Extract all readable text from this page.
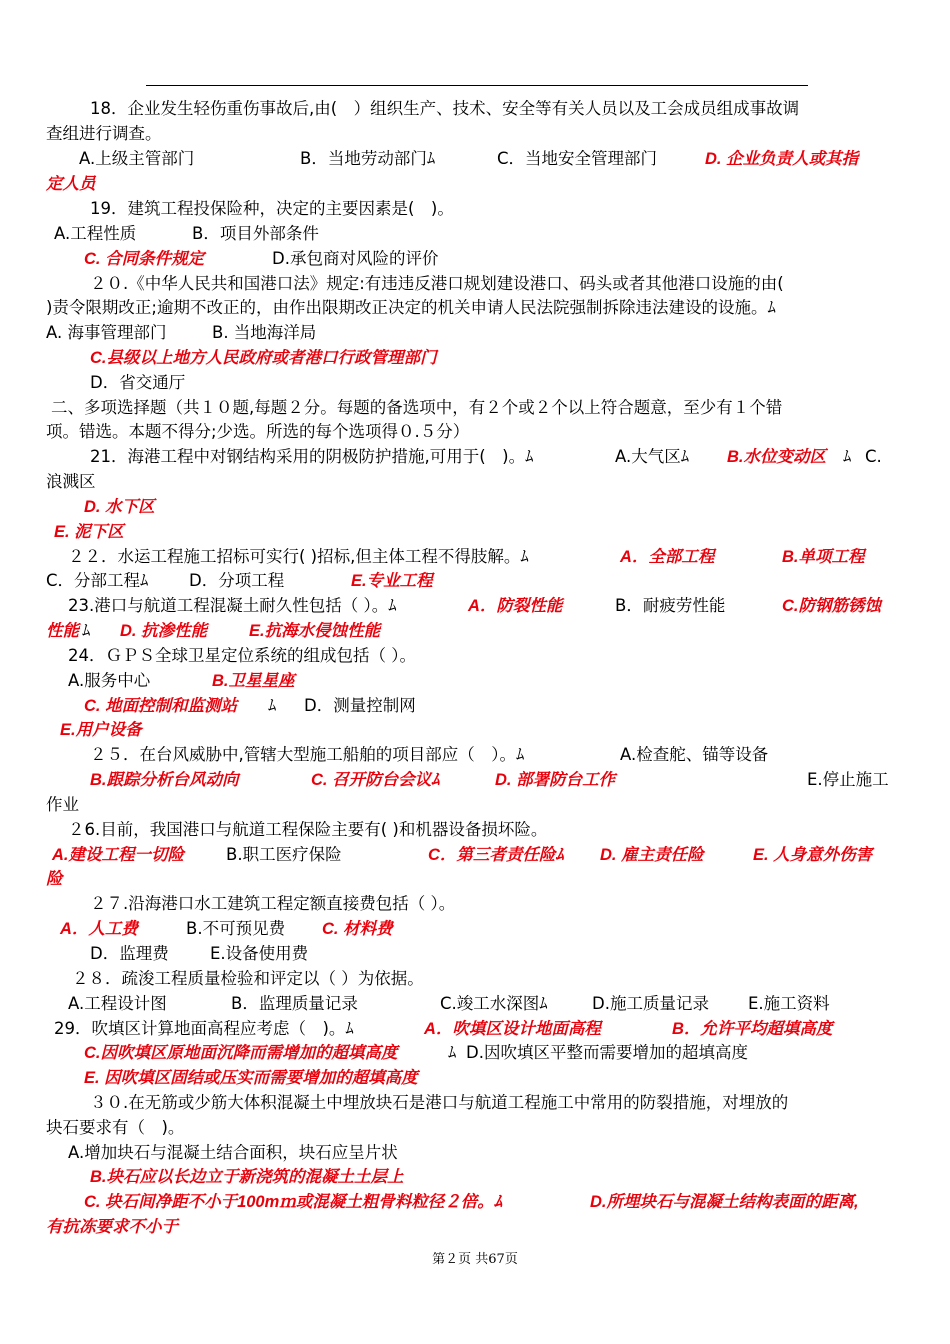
18．企业发生轻伤重伤事故后,由(　）组织生产、技术、安全等有关人员以及工会成员组成事故调
查组进行调查。
A.上级主管部门	B．当地劳动部门ﾑ	C．当地安全管理部门	D. 企业负责人或其指
定人员
19．建筑工程投保险种，决定的主要因素是(　)。
A.工程性质	B．项目外部条件
C. 合同条件规定	D.承包商对风险的评价
２０.《中华人民共和国港口法》规定:有违违反港口规划建设港口、码头或者其他港口设施的由(
)责令限期改正;逾期不改正的，由作出限期改正决定的机关申请人民法院强制拆除违法建设的设施。ﾑ
A. 海事管理部门	B. 当地海洋局
C.县级以上地方人民政府或者港口行政管理部门
D．省交通厅
二、多项选择题（共１０题,每题２分。每题的备选项中，有２个或２个以上符合题意，至少有１个错
项。错选。本题不得分;少选。所选的每个选项得０.５分）
21．海港工程中对钢结构采用的阴极防护措施,可用于(　)。ﾑ	A.大气区ﾑ B.水位变动区 ﾑ C.
浪溅区
D. 水下区
E. 泥下区
２２．水运工程施工招标可实行( )招标,但主体工程不得肢解。ﾑ	A．全部工程	B.单项工程
C．分部工程ﾑ D．分项工程	E.专业工程
23.港口与航道工程混凝土耐久性包括（ ）。ﾑ	A．防裂性能	B．耐疲劳性能	C.防钢筋锈蚀
性能 ﾑ D. 抗渗性能	E.抗海水侵蚀性能
24．ＧＰＳ全球卫星定位系统的组成包括（ ）。
A.服务中心	B.卫星星座
C. 地面控制和监测站 ﾑ D．测量控制网
E.用户设备
２５．在台风威胁中,管辖大型施工船舶的项目部应（　）。ﾑ	A.检查舵、锚等设备
B.跟踪分析台风动向	C. 召开防台会议ﾑ	D. 部署防台工作	E.停止施工
作业
２6.目前，我国港口与航道工程保险主要有( )和机器设备损坏险。
A.建设工程一切险	B.职工医疗保险	C．第三者责任险ﾑ D. 雇主责任险	E. 人身意外伤害
险
２７.沿海港口水工建筑工程定额直接费包括（ ）。
A．人工费	B.不可预见费 C. 材料费
D．监理费	E.设备使用费
２８．疏浚工程质量检验和评定以（ ）为依据。
A.工程设计图	B．监理质量记录	C.竣工水深图ﾑ	D.施工质量记录 E.施工资料
29．吹填区计算地面高程应考虑（　)。ﾑ	A．吹填区设计地面高程	B．允许平均超填高度
C.因吹填区原地面沉降而需增加的超填高度	ﾑ D.因吹填区平整而需要增加的超填高度
E. 因吹填区固结或压实而需要增加的超填高度
３０.在无筋或少筋大体积混凝土中埋放块石是港口与航道工程施工中常用的防裂措施，对埋放的
块石要求有（　)。
A.增加块石与混凝土结合面积，块石应呈片状
B.块石应以长边立于新浇筑的混凝土土层上
C. 块石间净距不小于100mｍ或混凝土粗骨料粒径２倍。ﾑ	D.所埋块石与混凝土结构表面的距离,
有抗冻要求不小于
第２页 共67页
